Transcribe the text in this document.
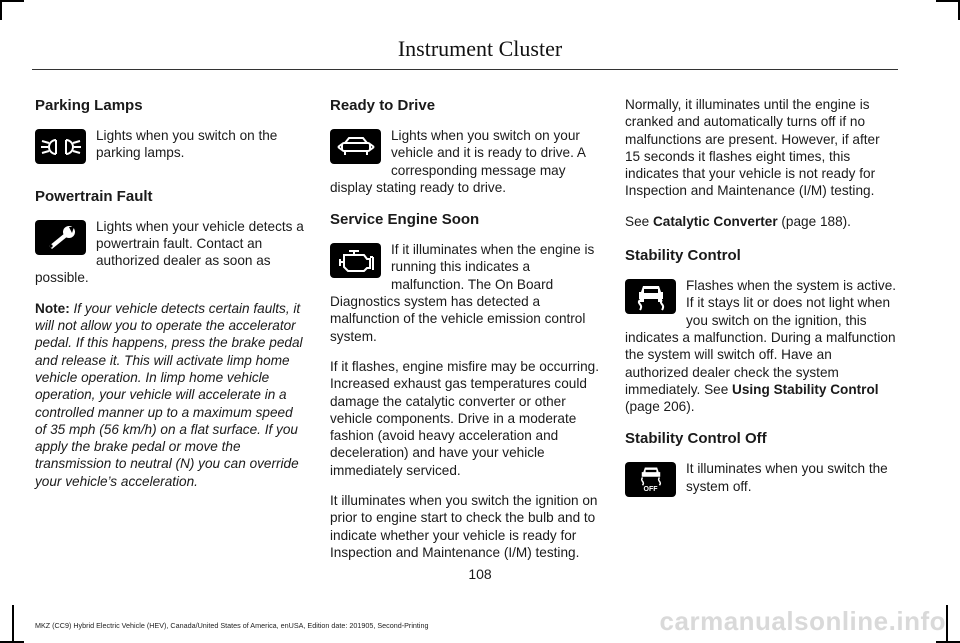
Instrument Cluster
Parking Lamps

Lights when you switch on the parking lamps.

Powertrain Fault

Lights when your vehicle detects a powertrain fault. Contact an authorized dealer as soon as possible.

Note: If your vehicle detects certain faults, it will not allow you to operate the accelerator pedal. If this happens, press the brake pedal and release it. This will activate limp home vehicle operation. In limp home vehicle operation, your vehicle will accelerate in a controlled manner up to a maximum speed of 35 mph (56 km/h) on a flat surface. If you apply the brake pedal or move the transmission to neutral (N) you can override your vehicle’s acceleration.

Ready to Drive

Lights when you switch on your vehicle and it is ready to drive. A corresponding message may display stating ready to drive.

Service Engine Soon

If it illuminates when the engine is running this indicates a malfunction. The On Board Diagnostics system has detected a malfunction of the vehicle emission control system.

If it flashes, engine misfire may be occurring. Increased exhaust gas temperatures could damage the catalytic converter or other vehicle components. Drive in a moderate fashion (avoid heavy acceleration and deceleration) and have your vehicle immediately serviced.

It illuminates when you switch the ignition on prior to engine start to check the bulb and to indicate whether your vehicle is ready for Inspection and Maintenance (I/M) testing.

Normally, it illuminates until the engine is cranked and automatically turns off if no malfunctions are present. However, if after 15 seconds it flashes eight times, this indicates that your vehicle is not ready for Inspection and Maintenance (I/M) testing.

See Catalytic Converter (page 188).

Stability Control

Flashes when the system is active. If it stays lit or does not light when you switch on the ignition, this indicates a malfunction. During a malfunction the system will switch off. Have an authorized dealer check the system immediately. See Using Stability Control (page 206).

Stability Control Off
OFF

It illuminates when you switch the system off.

108
MKZ (CC9) Hybrid Electric Vehicle (HEV), Canada/United States of America, enUSA, Edition date: 201905, Second-Printing	carmanualsonline.info
